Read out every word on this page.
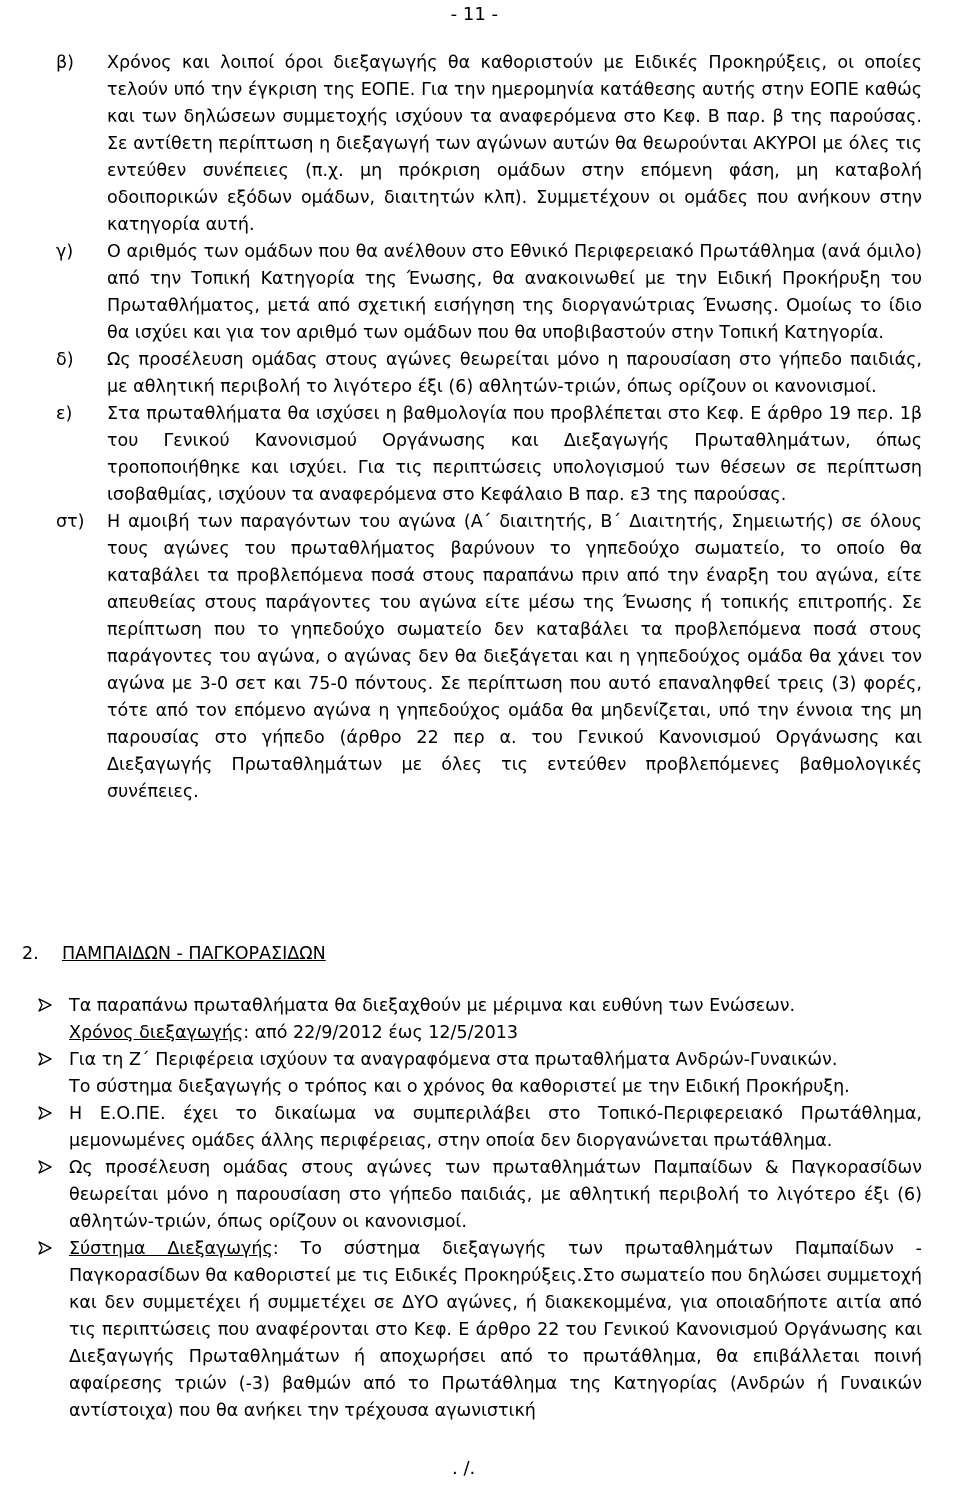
- 11 -
β)	Χρόνος και λοιποί όροι διεξαγωγής θα καθοριστούν με Ειδικές Προκηρύξεις, οι οποίες τελούν υπό την έγκριση της ΕΟΠΕ. Για την ημερομηνία κατάθεσης αυτής στην ΕΟΠΕ καθώς και των δηλώσεων συμμετοχής ισχύουν τα αναφερόμενα στο Κεφ. Β παρ. β της παρούσας. Σε αντίθετη περίπτωση η διεξαγωγή των αγώνων αυτών θα θεωρούνται ΑΚΥΡΟΙ με όλες τις εντεύθεν συνέπειες (π.χ. μη πρόκριση ομάδων στην επόμενη φάση, μη καταβολή οδοιπορικών εξόδων ομάδων, διαιτητών κλπ). Συμμετέχουν οι ομάδες που ανήκουν στην κατηγορία αυτή.
γ)	Ο αριθμός των ομάδων που θα ανέλθουν στο Εθνικό Περιφερειακό Πρωτάθλημα (ανά όμιλο) από την Τοπική Κατηγορία της Ένωσης, θα ανακοινωθεί με την Ειδική Προκήρυξη του Πρωταθλήματος, μετά από σχετική εισήγηση της διοργανώτριας Ένωσης. Ομοίως το ίδιο θα ισχύει και για τον αριθμό των ομάδων που θα υποβιβαστούν στην Τοπική Κατηγορία.
δ)	Ως προσέλευση ομάδας στους αγώνες θεωρείται μόνο η παρουσίαση στο γήπεδο παιδιάς, με αθλητική περιβολή το λιγότερο έξι (6) αθλητών-τριών, όπως ορίζουν οι κανονισμοί.
ε)	Στα πρωταθλήματα θα ισχύσει η βαθμολογία που προβλέπεται στο Κεφ. Ε άρθρο 19 περ. 1β του Γενικού Κανονισμού Οργάνωσης και Διεξαγωγής Πρωταθλημάτων, όπως τροποποιήθηκε και ισχύει. Για τις περιπτώσεις υπολογισμού των θέσεων σε περίπτωση ισοβαθμίας, ισχύουν τα αναφερόμενα στο Κεφάλαιο Β παρ. ε3 της παρούσας.
στ)	Η αμοιβή των παραγόντων του αγώνα (Α΄ διαιτητής, Β΄ Διαιτητής, Σημειωτής) σε όλους τους αγώνες του πρωταθλήματος βαρύνουν το γηπεδούχο σωματείο, το οποίο θα καταβάλει τα προβλεπόμενα ποσά στους παραπάνω πριν από την έναρξη του αγώνα, είτε απευθείας στους παράγοντες του αγώνα είτε μέσω της Ένωσης ή τοπικής επιτροπής. Σε περίπτωση που το γηπεδούχο σωματείο δεν καταβάλει τα προβλεπόμενα ποσά στους παράγοντες του αγώνα, ο αγώνας δεν θα διεξάγεται και η γηπεδούχος ομάδα θα χάνει τον αγώνα με 3-0 σετ και 75-0 πόντους. Σε περίπτωση που αυτό επαναληφθεί τρεις (3) φορές, τότε από τον επόμενο αγώνα η γηπεδούχος ομάδα θα μηδενίζεται, υπό την έννοια της μη παρουσίας στο γήπεδο (άρθρο 22 περ α. του Γενικού Κανονισμού Οργάνωσης και Διεξαγωγής Πρωταθλημάτων με όλες τις εντεύθεν προβλεπόμενες βαθμολογικές συνέπειες.
2.	ΠΑΜΠΑΙΔΩΝ - ΠΑΓΚΟΡΑΣΙΔΩΝ
Τα παραπάνω πρωταθλήματα θα διεξαχθούν με μέριμνα και ευθύνη των Ενώσεων.
Χρόνος διεξαγωγής: από 22/9/2012 έως 12/5/2013
Για τη Ζ΄ Περιφέρεια ισχύουν τα αναγραφόμενα στα πρωταθλήματα Ανδρών-Γυναικών.
Το σύστημα διεξαγωγής ο τρόπος και ο χρόνος θα καθοριστεί με την Ειδική Προκήρυξη.
Η Ε.Ο.ΠΕ. έχει το δικαίωμα να συμπεριλάβει στο Τοπικό-Περιφερειακό Πρωτάθλημα, μεμονωμένες ομάδες άλλης περιφέρειας, στην οποία δεν διοργανώνεται πρωτάθλημα.
Ως προσέλευση ομάδας στους αγώνες των πρωταθλημάτων Παμπαίδων & Παγκορασίδων θεωρείται μόνο η παρουσίαση στο γήπεδο παιδιάς, με αθλητική περιβολή το λιγότερο έξι (6) αθλητών-τριών, όπως ορίζουν οι κανονισμοί.
Σύστημα Διεξαγωγής: Το σύστημα διεξαγωγής των πρωταθλημάτων Παμπαίδων - Παγκορασίδων θα καθοριστεί με τις Ειδικές Προκηρύξεις.Στο σωματείο που δηλώσει συμμετοχή και δεν συμμετέχει ή συμμετέχει σε ΔΥΟ αγώνες, ή διακεκομμένα, για οποιαδήποτε αιτία από τις περιπτώσεις που αναφέρονται στο Κεφ. Ε άρθρο 22 του Γενικού Κανονισμού Οργάνωσης και Διεξαγωγής Πρωταθλημάτων ή αποχωρήσει από το πρωτάθλημα, θα επιβάλλεται ποινή αφαίρεσης τριών (-3) βαθμών από το Πρωτάθλημα της Κατηγορίας (Ανδρών ή Γυναικών αντίστοιχα) που θα ανήκει την τρέχουσα αγωνιστική
. /.
